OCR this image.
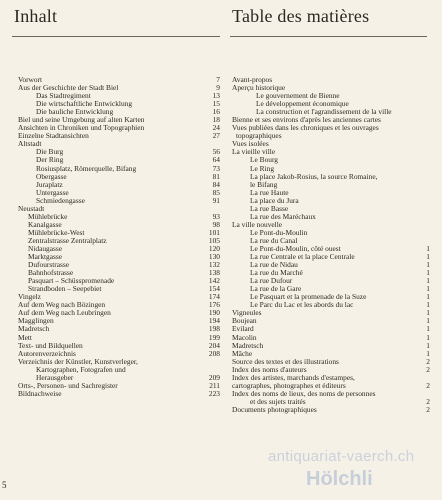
Inhalt	Table des matières
Vorwort	7
Aus der Geschichte der Stadt Biel	9
Das Stadtregiment	13
Die wirtschaftliche Entwicklung	15
Die bauliche Entwicklung	16
Biel und seine Umgebung auf alten Karten	18
Ansichten in Chroniken und Topographien	24
Einzelne Stadtansichten	27
Altstadt
Die Burg	56
Der Ring	64
Rosiusplatz, Römerquelle, Bifang	73
Obergasse	81
Juraplatz	84
Untergasse	85
Schmiedengasse	91
Neustadt
Mühlebrücke	93
Kanalgasse	98
Mühlebrücke-West	101
Zentralstrasse Zentralplatz	105
Nidaugasse	120
Marktgasse	130
Dufourstrasse	132
Bahnhofstrasse	138
Pasquart – Schüsspromenade	142
Strandboden – Seepebiet	154
Vingelz	174
Auf dem Weg nach Bözingen	176
Auf dem Weg nach Leubringen	190
Magglingen	194
Madretsch	198
Mett	199
Text- und Bildquellen	204
Autorenverzeichnis	208
Verzeichnis der Künstler, Kunstverleger,
Kartographen, Fotografen und
Herausgeber	209
Orts-, Personen- und Sachregister	211
Bildnachweise	223
Avant-propos
Aperçu historique
Le gouvernement de Bienne
Le développement économique
La construction et l'agrandissement de la ville
Bienne et ses environs d'après les anciennes cartes
Vues publiées dans les chroniques et les ouvrages
topographiques
Vues isolées
La vieille ville
Le Bourg
Le Ring
La place Jakob-Rosius, la source Romaine,
le Bifang
La rue Haute
La place du Jura
La rue Basse
La rue des Maréchaux
La ville nouvelle
Le Pont-du-Moulin
La rue du Canal
Le Pont-du-Moulin, côté ouest	1
La rue Centrale et la place Centrale	1
La rue de Nidau	1
La rue du Marché	1
La rue Dufour	1
La rue de la Gare	1
Le Pasquart et la promenade de la Suze	1
Le Parc du Lac et les abords du lac	1
Vigneules	1
Boujean	1
Evilard	1
Macolin	1
Madretsch	1
Mâche	1
Source des textes et des illustrations	2
Index des noms d'auteurs	2
Index des artistes, marchands d'estampes,
cartographes, photographes et éditeurs	2
Index des noms de lieux, des noms de personnes
et des sujets traités	2
Documents photographiques	2
5
antiquariat-vaerch.ch
Hölchli
